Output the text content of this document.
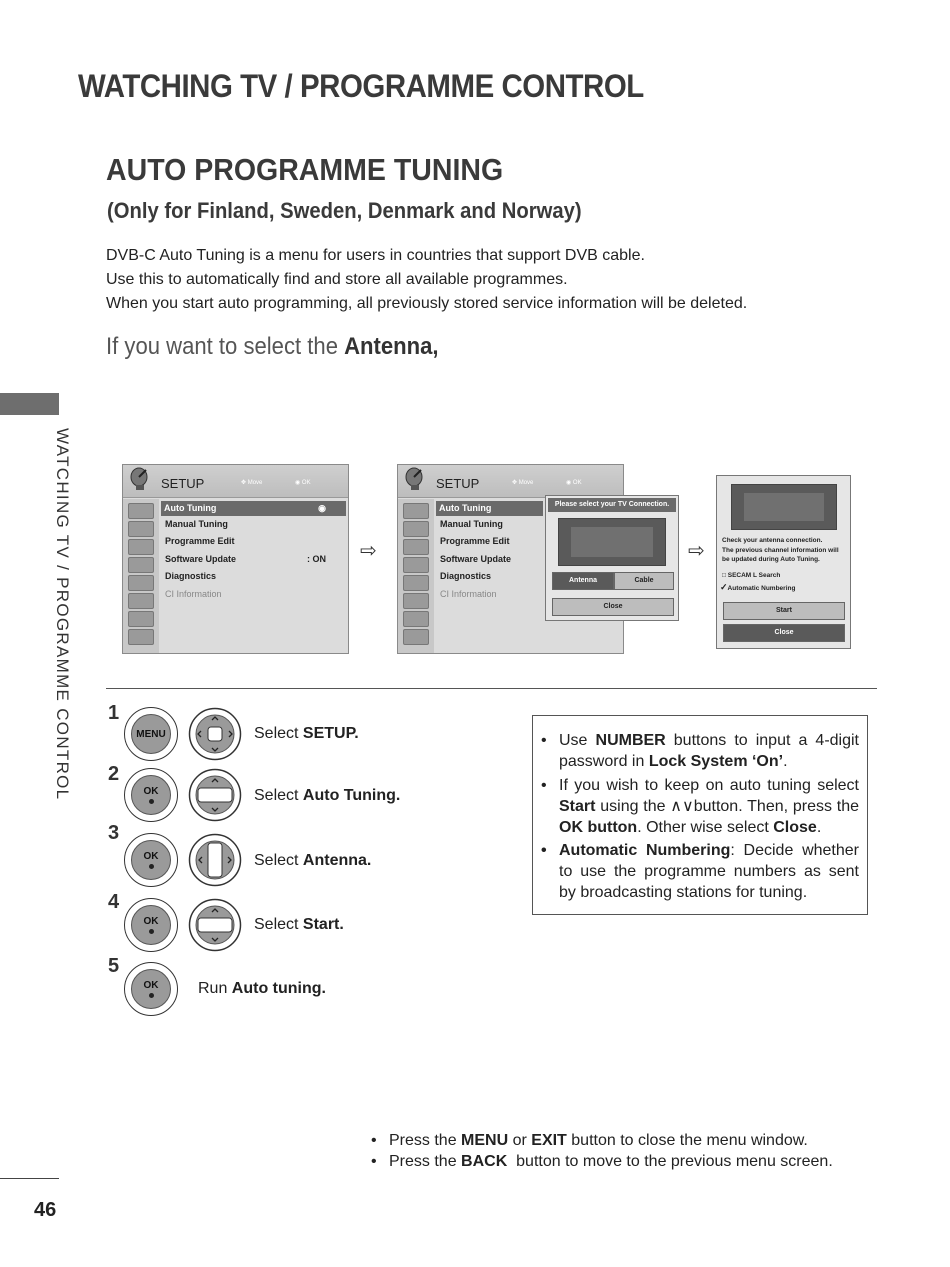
WATCHING TV / PROGRAMME CONTROL
AUTO PROGRAMME TUNING
(Only for Finland, Sweden, Denmark and Norway)
DVB-C Auto Tuning is a menu for users in countries that support DVB cable.
Use this to automatically find and store all available programmes.
When you start auto programming, all previously stored service information will be deleted.
If you want to select the Antenna,
WATCHING TV / PROGRAMME CONTROL	SETUP	✥ Move	◉ OK
Auto Tuning	◉
Manual Tuning
Programme Edit
Software Update	: ON
Diagnostics
CI Information
⇨
SETUP	✥ Move	◉ OK
Auto Tuning
Manual Tuning
Programme Edit
Software Update
Diagnostics
CI Information
Please select your TV Connection.
Antenna	Cable
Close
⇨	Check your antenna connection.
The previous channel information will
be updated during Auto Tuning.
□ SECAM L Search
✓Automatic Numbering
Start
Close
1
MENU	Select SETUP.
2
OK	Select Auto Tuning.
3
OK	Select Antenna.
4
OK	Select Start.
5
OK Run Auto tuning.
• Use NUMBER buttons to input a 4-digit password in Lock System ‘On’.
• If you wish to keep on auto tuning select Start using the ∧∨button. Then, press the OK button. Other wise select Close.
• Automatic Numbering: Decide whether to use the programme numbers as sent by broadcasting stations for tuning.
• Press the MENU or EXIT button to close the menu window.
• Press the BACK  button to move to the previous menu screen.
46
